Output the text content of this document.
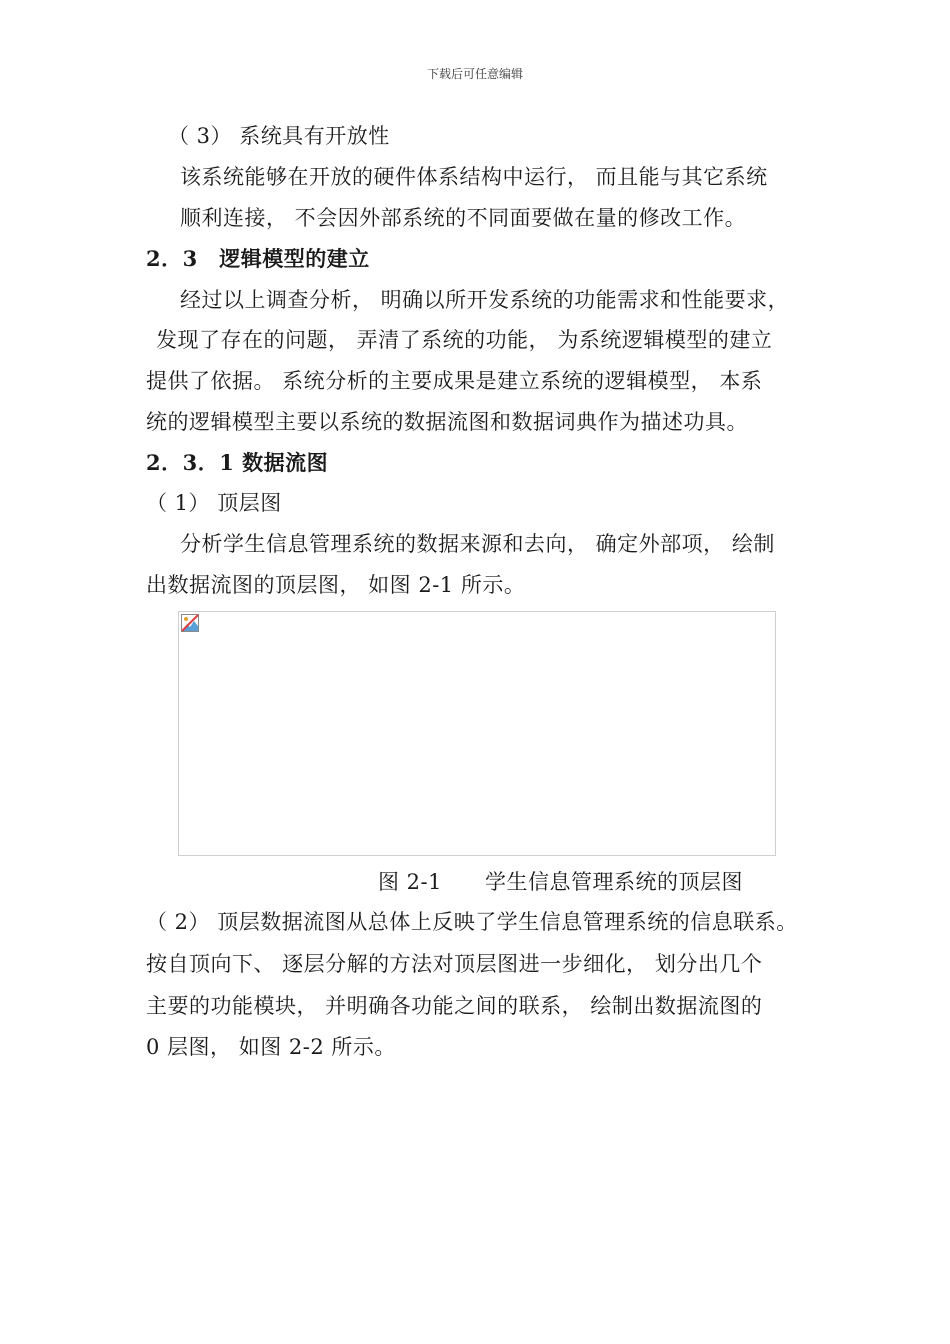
下载后可任意编辑
（ 3） 系统具有开放性
该系统能够在开放的硬件体系结构中运行， 而且能与其它系统
顺利连接， 不会因外部系统的不同面要做在量的修改工作。
2．3　逻辑模型的建立
经过以上调查分析， 明确以所开发系统的功能需求和性能要求，
发现了存在的问题， 弄清了系统的功能， 为系统逻辑模型的建立
提供了依据。 系统分析的主要成果是建立系统的逻辑模型， 本系
统的逻辑模型主要以系统的数据流图和数据词典作为描述功具。
2．3．1 数据流图
（ 1） 顶层图
分析学生信息管理系统的数据来源和去向， 确定外部项， 绘制
出数据流图的顶层图， 如图 2-1 所示。
图 2-1　　学生信息管理系统的顶层图
（ 2） 顶层数据流图从总体上反映了学生信息管理系统的信息联系。
按自顶向下、 逐层分解的方法对顶层图进一步细化， 划分出几个
主要的功能模块， 并明确各功能之间的联系， 绘制出数据流图的
0 层图， 如图 2-2 所示。
